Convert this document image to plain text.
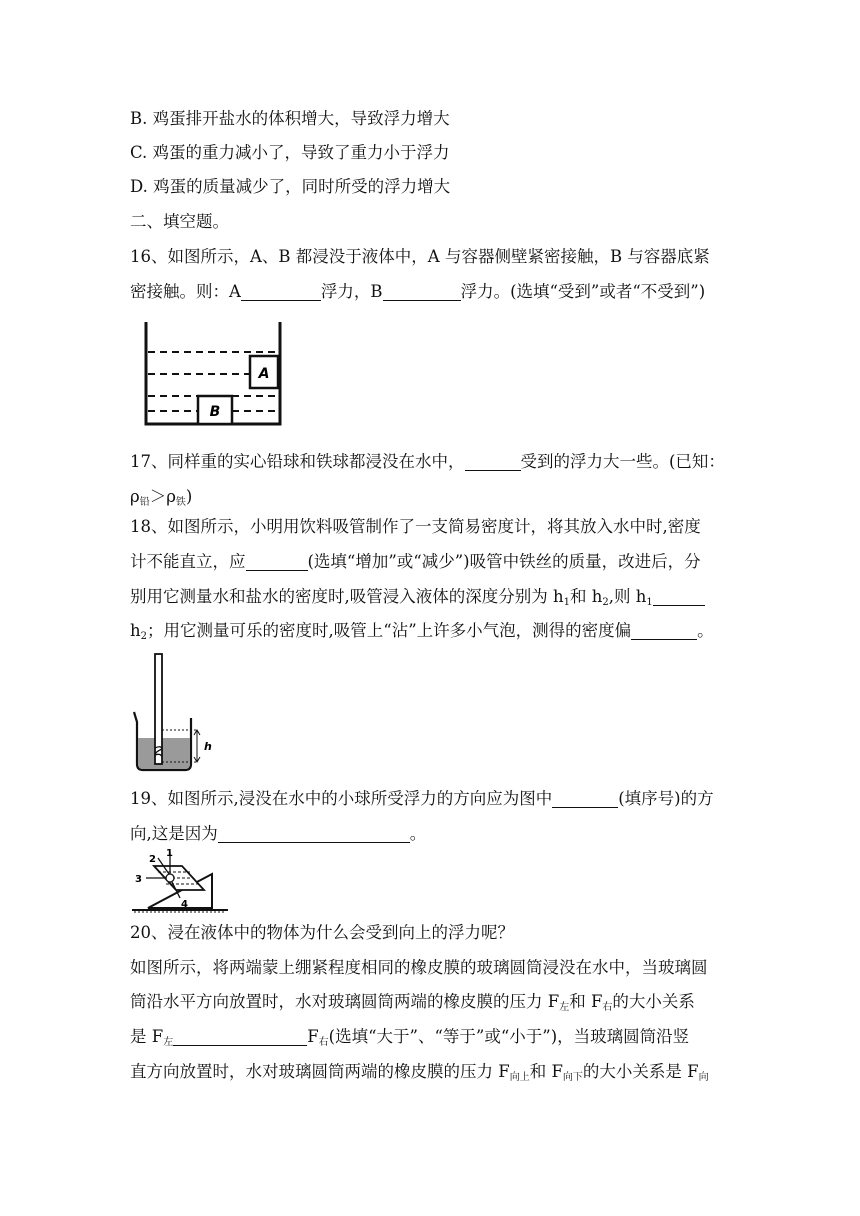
B. 鸡蛋排开盐水的体积增大，导致浮力增大
C. 鸡蛋的重力减小了，导致了重力小于浮力
D. 鸡蛋的质量减少了，同时所受的浮力增大
二、填空题。
16、如图所示，A、B 都浸没于液体中，A 与容器侧壁紧密接触，B 与容器底紧
密接触。则：A	浮力，B	浮力。(选填“受到”或者“不受到”)
A
B
17、同样重的实心铅球和铁球都浸没在水中，	受到的浮力大一些。(已知：
$\rho_铅>\rho_铁$)
18、如图所示，小明用饮料吸管制作了一支简易密度计，将其放入水中时,密度
计不能直立，应	(选填“增加”或“减少”)吸管中铁丝的质量，改进后，分
别用它测量水和盐水的密度时,吸管浸入液体的深度分别为 $h_1$和 $h_2$,则 $h_1$
$h_2$；用它测量可乐的密度时,吸管上“沾”上许多小气泡，测得的密度偏	。
h
19、如图所示,浸没在水中的小球所受浮力的方向应为图中	(填序号)的方
向,这是因为	。
1
2
3
4
20、浸在液体中的物体为什么会受到向上的浮力呢？
如图所示，将两端蒙上绷紧程度相同的橡皮膜的玻璃圆筒浸没在水中，当玻璃圆
筒沿水平方向放置时，水对玻璃圆筒两端的橡皮膜的压力 $F_左$和 $F_右$的大小关系
是 $F_左$	$F_右$(选填“大于”、“等于”或“小于”)，当玻璃圆筒沿竖
直方向放置时，水对玻璃圆筒两端的橡皮膜的压力 $F_{向上}$和 $F_{向下}$的大小关系是 $F_向$
